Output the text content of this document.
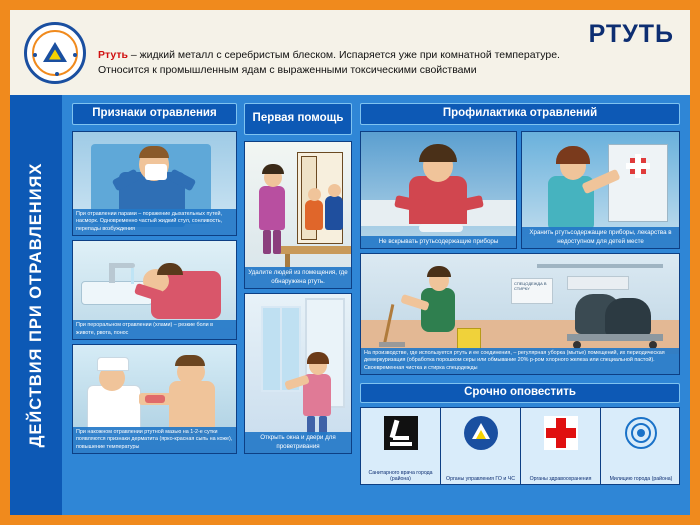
РТУТЬ
Ртуть – жидкий металл с серебристым блеском. Испаряется уже при комнатной температуре. Относится к промышленным ядам с выраженными токсическими свойствами
ДЕЙСТВИЯ ПРИ ОТРАВЛЕНИЯХ
Признаки отравления
При отравлении парами – поражение дыхательных путей, насморк. Одновременно частый жидкий стул, сонливость, перепады возбуждения
При пероральном отравлении (хлами) – резкие боли в животе, рвота, понос
При накожном отравлении ртутной мазью на 1-2-е сутки появляются признаки дерматита (ярко-красная сыпь на коже), повышение температуры
Первая помощь
Удалите людей из помещения, где обнаружена ртуть.
Открыть окна и двери для проветривания
Профилактика отравлений
Не вскрывать ртутьсодержащие приборы
Хранить ртутьсодержащие приборы, лекарства в недоступном для детей месте
СПЕЦОДЕЖДА В СТИРКУ
На производстве, где используется ртуть и ее соединения, – регулярная уборка (мытье) помещений, их периодическая демеркуризация (обработка порошком серы или обмывание 20% р-ром хлорного железа или специальной пастой). Своевременная чистка и стирка спецодежды
Срочно оповестить
Санитарного врача города (района)	Органы управления ГО и ЧС	Органы здравоохранения	Милицию города (района)
